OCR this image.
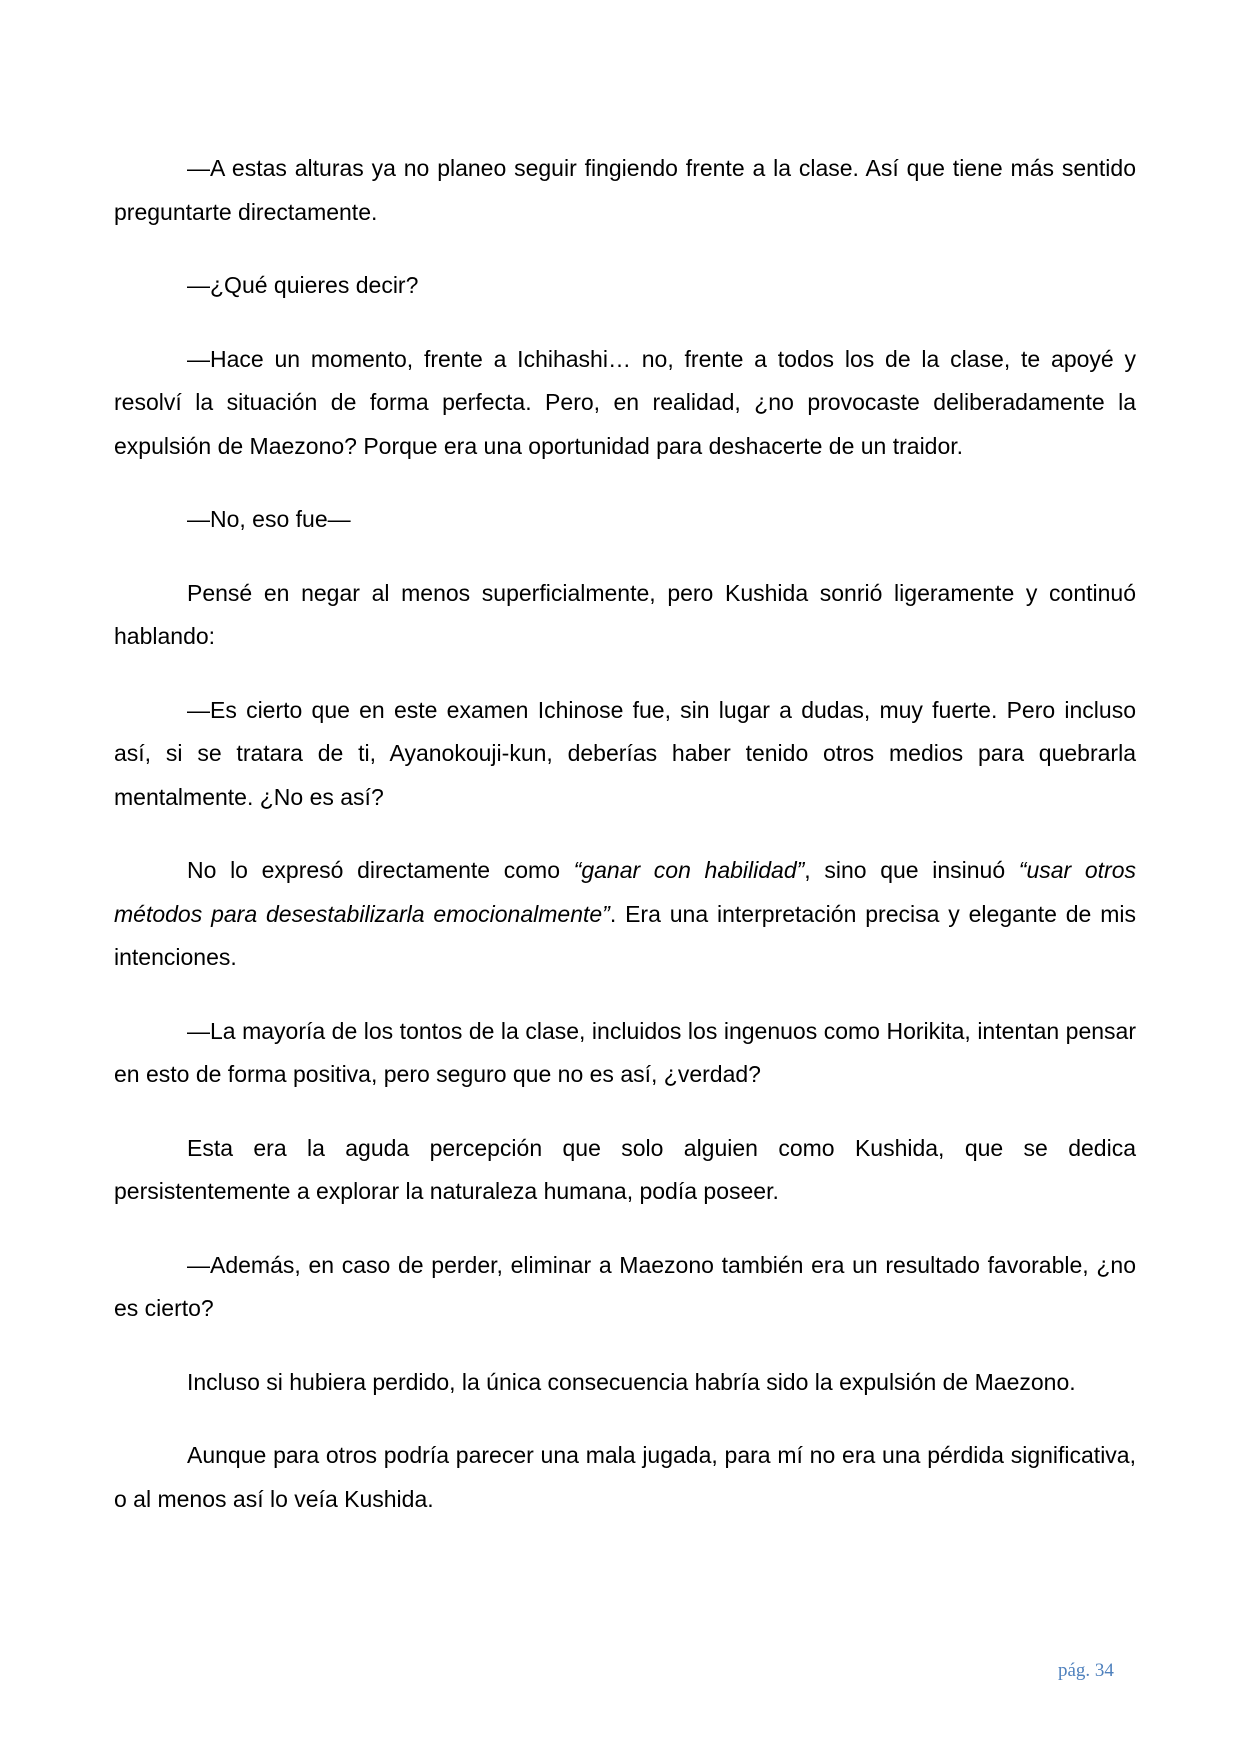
—A estas alturas ya no planeo seguir fingiendo frente a la clase. Así que tiene más sentido preguntarte directamente.

—¿Qué quieres decir?

—Hace un momento, frente a Ichihashi… no, frente a todos los de la clase, te apoyé y resolví la situación de forma perfecta. Pero, en realidad, ¿no provocaste deliberadamente la expulsión de Maezono? Porque era una oportunidad para deshacerte de un traidor.

—No, eso fue—

Pensé en negar al menos superficialmente, pero Kushida sonrió ligeramente y continuó hablando:

—Es cierto que en este examen Ichinose fue, sin lugar a dudas, muy fuerte. Pero incluso así, si se tratara de ti, Ayanokouji-kun, deberías haber tenido otros medios para quebrarla mentalmente. ¿No es así?

No lo expresó directamente como “ganar con habilidad”, sino que insinuó “usar otros métodos para desestabilizarla emocionalmente”. Era una interpretación precisa y elegante de mis intenciones.

—La mayoría de los tontos de la clase, incluidos los ingenuos como Horikita, intentan pensar en esto de forma positiva, pero seguro que no es así, ¿verdad?

Esta era la aguda percepción que solo alguien como Kushida, que se dedica persistentemente a explorar la naturaleza humana, podía poseer.

—Además, en caso de perder, eliminar a Maezono también era un resultado favorable, ¿no es cierto?

Incluso si hubiera perdido, la única consecuencia habría sido la expulsión de Maezono.

Aunque para otros podría parecer una mala jugada, para mí no era una pérdida significativa, o al menos así lo veía Kushida.

pág. 34
